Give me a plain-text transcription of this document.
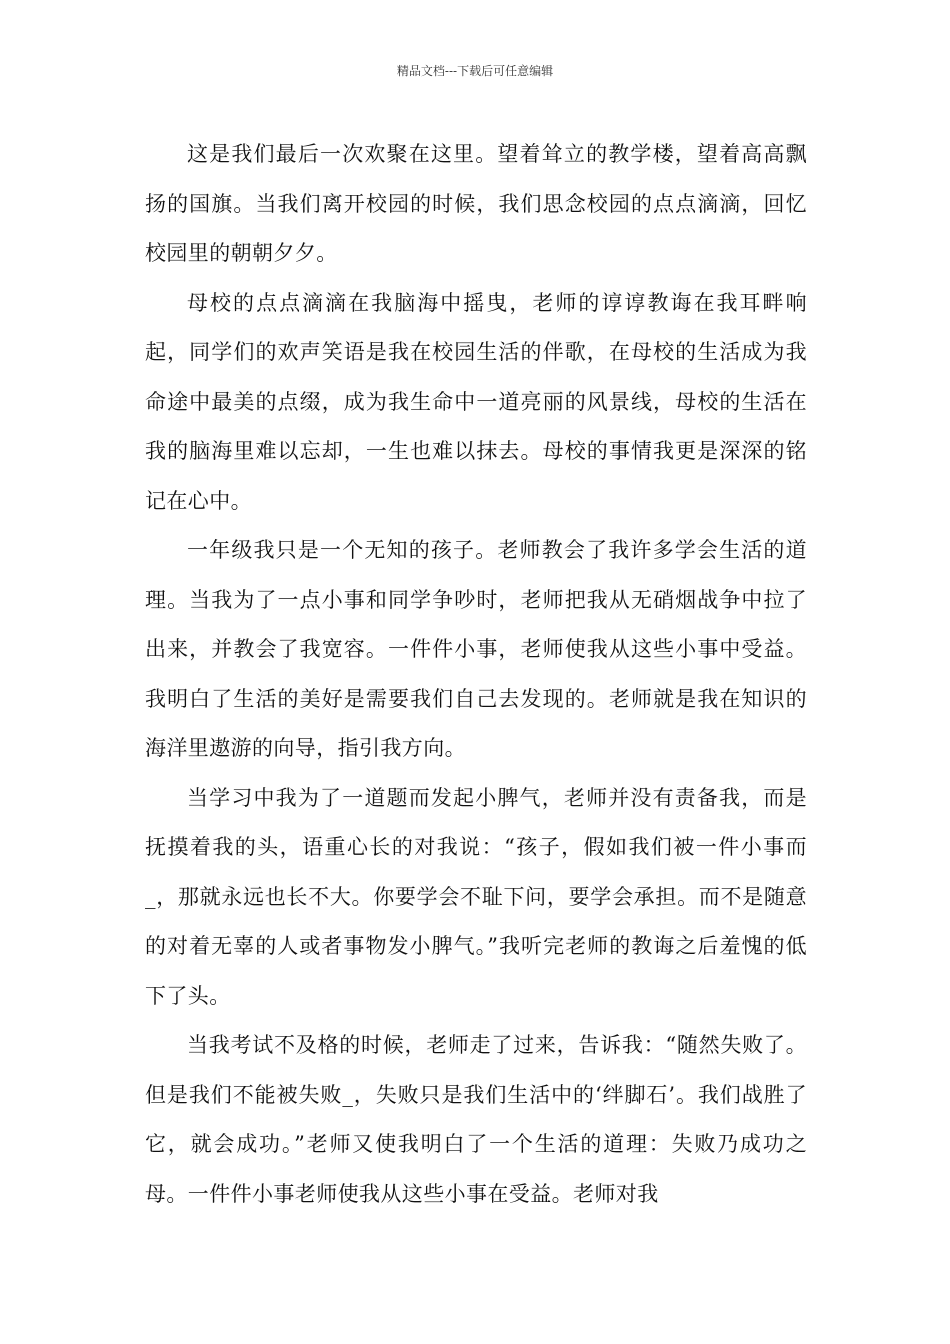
精品文档---下载后可任意编辑

这是我们最后一次欢聚在这里。望着耸立的教学楼，望着高高飘扬的国旗。当我们离开校园的时候，我们思念校园的点点滴滴，回忆校园里的朝朝夕夕。

母校的点点滴滴在我脑海中摇曳，老师的谆谆教诲在我耳畔响起，同学们的欢声笑语是我在校园生活的伴歌，在母校的生活成为我命途中最美的点缀，成为我生命中一道亮丽的风景线，母校的生活在我的脑海里难以忘却，一生也难以抹去。母校的事情我更是深深的铭记在心中。

一年级我只是一个无知的孩子。老师教会了我许多学会生活的道理。当我为了一点小事和同学争吵时，老师把我从无硝烟战争中拉了出来，并教会了我宽容。一件件小事，老师使我从这些小事中受益。我明白了生活的美好是需要我们自己去发现的。老师就是我在知识的海洋里遨游的向导，指引我方向。

当学习中我为了一道题而发起小脾气，老师并没有责备我，而是抚摸着我的头，语重心长的对我说：“孩子，假如我们被一件小事而_，那就永远也长不大。你要学会不耻下问，要学会承担。而不是随意的对着无辜的人或者事物发小脾气。”我听完老师的教诲之后羞愧的低下了头。

当我考试不及格的时候，老师走了过来，告诉我：“随然失败了。但是我们不能被失败_，失败只是我们生活中的‘绊脚石’。我们战胜了它，就会成功。”老师又使我明白了一个生活的道理：失败乃成功之母。一件件小事老师使我从这些小事在受益。老师对我
